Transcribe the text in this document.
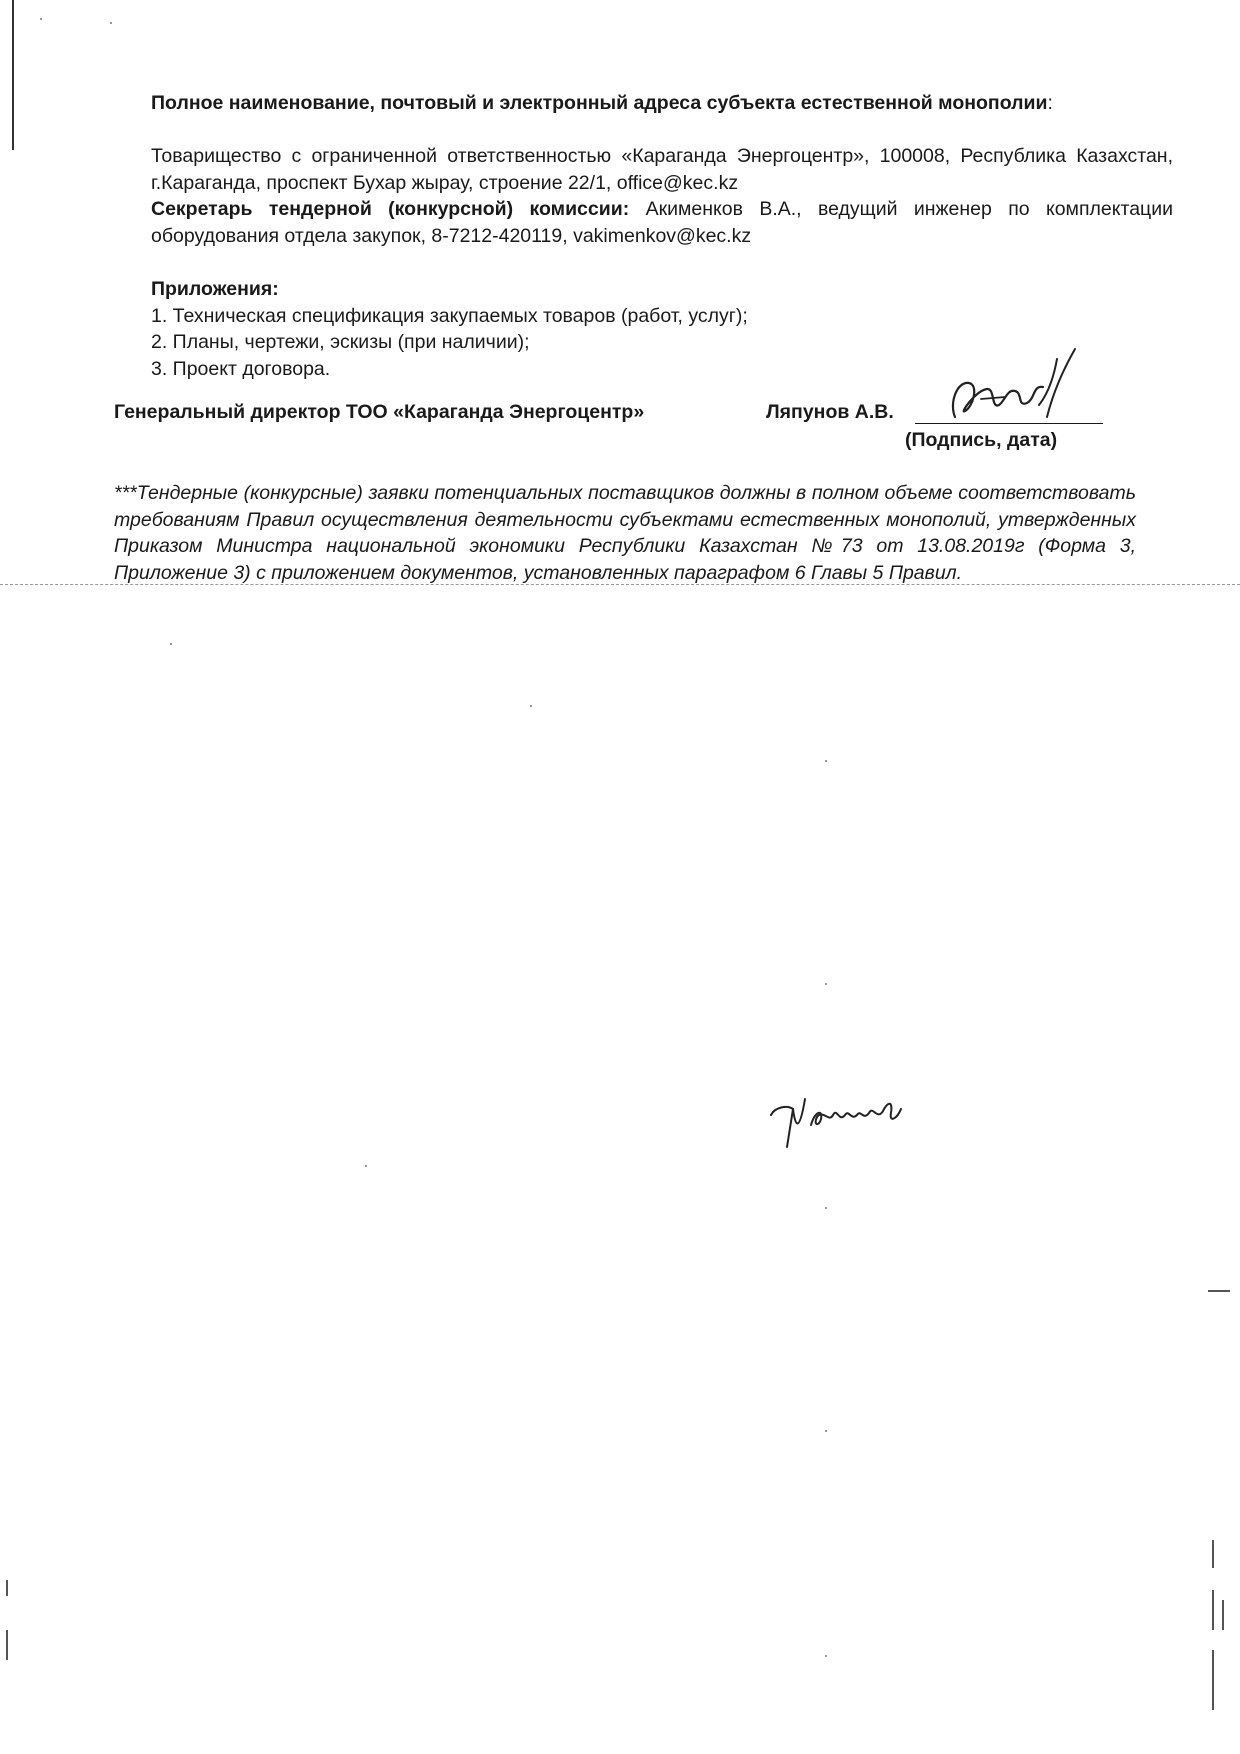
Полное наименование, почтовый и электронный адреса субъекта естественной монополии:
Товарищество с ограниченной ответственностью «Караганда Энергоцентр», 100008, Республика Казахстан, г.Караганда, проспект Бухар жырау, строение 22/1, office@kec.kz
Секретарь тендерной (конкурсной) комиссии: Акименков В.А., ведущий инженер по комплектации оборудования отдела закупок, 8-7212-420119, vakimenkov@kec.kz
Приложения:
1. Техническая спецификация закупаемых товаров (работ, услуг);
2. Планы, чертежи, эскизы (при наличии);
3. Проект договора.
Генеральный директор ТОО «Караганда Энергоцентр»	Ляпунов А.В.
(Подпись, дата)
***Тендерные (конкурсные) заявки потенциальных поставщиков должны в полном объеме соответствовать требованиям Правил осуществления деятельности субъектами естественных монополий, утвержденных Приказом Министра национальной экономики Республики Казахстан №73 от 13.08.2019г (Форма 3, Приложение 3) с приложением документов, установленных параграфом 6 Главы 5 Правил.
